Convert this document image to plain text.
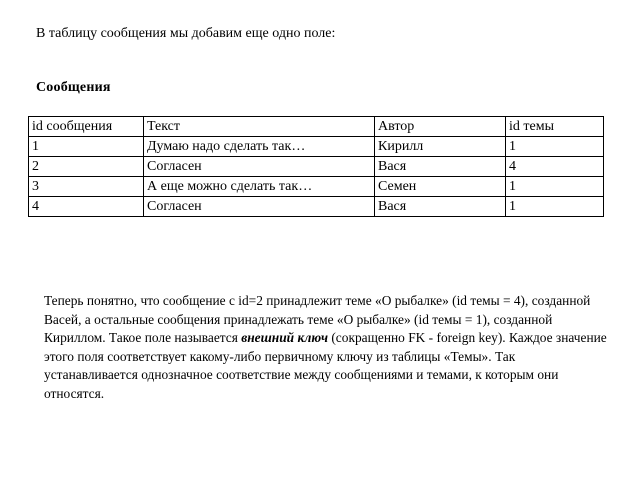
В таблицу сообщения мы добавим еще одно поле:
Сообщения
id сообщения	Текст	Автор	id темы
1	Думаю надо сделать так…	Кирилл	1
2	Согласен	Вася	4
3	А еще можно сделать так…	Семен	1
4	Согласен	Вася	1
Теперь понятно, что сообщение с id=2 принадлежит теме «О рыбалке» (id темы = 4), созданной Васей, а остальные сообщения принадлежать теме «О рыбалке» (id темы = 1), созданной Кириллом. Такое поле называется внешний ключ (сокращенно FK - foreign key). Каждое значение этого поля соответствует какому-либо первичному ключу из таблицы «Темы». Так устанавливается однозначное соответствие между сообщениями и темами, к которым они относятся.
